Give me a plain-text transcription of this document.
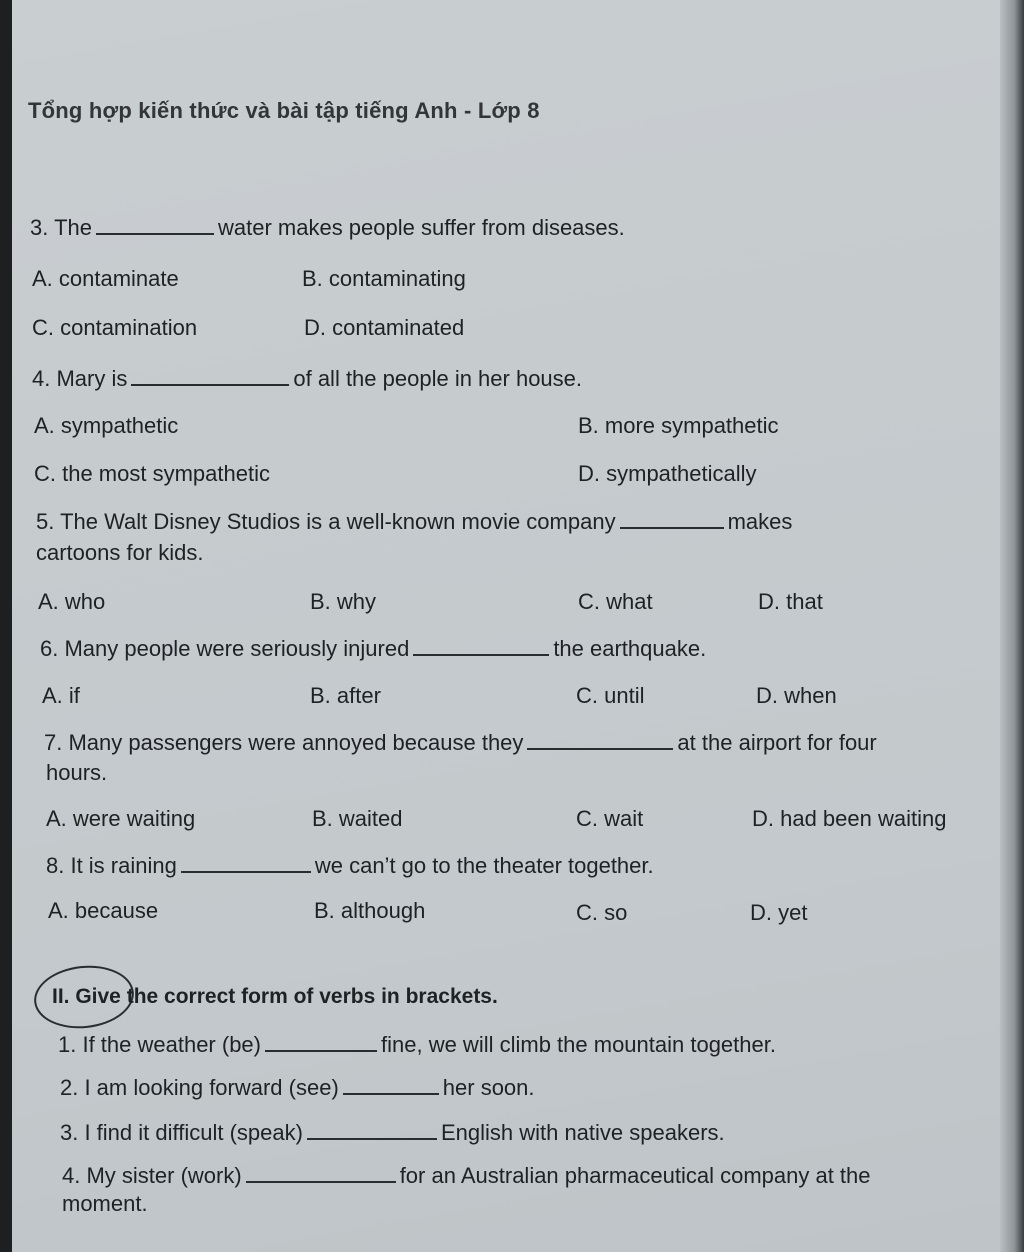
Tổng hợp kiến thức và bài tập tiếng Anh - Lớp 8
3. The	water makes people suffer from diseases.
A. contaminate	B. contaminating
C. contamination	D. contaminated
4. Mary is	of all the people in her house.
A. sympathetic	B. more sympathetic
C. the most sympathetic	D. sympathetically
5. The Walt Disney Studios is a well-known movie company	makes
cartoons for kids.
A. who	B. why	C. what	D. that
6. Many people were seriously injured	the earthquake.
A. if	B. after	C. until	D. when
7. Many passengers were annoyed because they	at the airport for four
hours.
A. were waiting	B. waited	C. wait	D. had been waiting
8. It is raining	we can’t go to the theater together.
A. because	B. although	C. so	D. yet
II. Give the correct form of verbs in brackets.
1. If the weather (be)	fine, we will climb the mountain together.
2. I am looking forward (see)	her soon.
3. I find it difficult (speak)	English with native speakers.
4. My sister (work)	for an Australian pharmaceutical company at the
moment.
